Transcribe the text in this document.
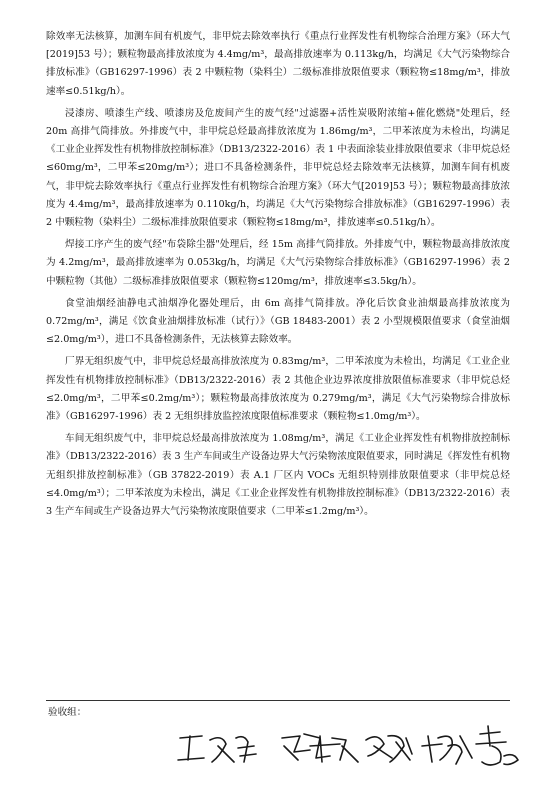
除效率无法核算，加测车间有机废气，非甲烷去除效率执行《重点行业挥发性有机物综合治理方案》（环大气[2019]53 号）；颗粒物最高排放浓度为 4.4mg/m³，最高排放速率为 0.113kg/h，均满足《大气污染物综合排放标准》（GB16297-1996）表 2 中颗粒物（染料尘）二级标准排放限值要求（颗粒物≤18mg/m³，排放速率≤0.51kg/h）。

浸漆房、喷漆生产线、喷漆房及危废间产生的废气经"过滤器+活性炭吸附浓缩+催化燃烧"处理后，经 20m 高排气筒排放。外排废气中，非甲烷总烃最高排放浓度为 1.86mg/m³，二甲苯浓度为未检出，均满足《工业企业挥发性有机物排放控制标准》（DB13/2322-2016）表 1 中表面涂装业排放限值要求（非甲烷总烃≤60mg/m³，二甲苯≤20mg/m³）；进口不具备检测条件，非甲烷总烃去除效率无法核算，加测车间有机废气，非甲烷去除效率执行《重点行业挥发性有机物综合治理方案》（环大气[2019]53 号）；颗粒物最高排放浓度为 4.4mg/m³，最高排放速率为 0.110kg/h，均满足《大气污染物综合排放标准》（GB16297-1996）表 2 中颗粒物（染料尘）二级标准排放限值要求（颗粒物≤18mg/m³，排放速率≤0.51kg/h）。

焊接工序产生的废气经"布袋除尘器"处理后，经 15m 高排气筒排放。外排废气中，颗粒物最高排放浓度为 4.2mg/m³，最高排放速率为 0.053kg/h，均满足《大气污染物综合排放标准》（GB16297-1996）表 2 中颗粒物（其他）二级标准排放限值要求（颗粒物≤120mg/m³，排放速率≤3.5kg/h）。

食堂油烟经油静电式油烟净化器处理后，由 6m 高排气筒排放。净化后饮食业油烟最高排放浓度为 0.72mg/m³，满足《饮食业油烟排放标准（试行）》（GB 18483-2001）表 2 小型规模限值要求（食堂油烟≤2.0mg/m³），进口不具备检测条件，无法核算去除效率。

厂界无组织废气中，非甲烷总烃最高排放浓度为 0.83mg/m³，二甲苯浓度为未检出，均满足《工业企业挥发性有机物排放控制标准》（DB13/2322-2016）表 2 其他企业边界浓度排放限值标准要求（非甲烷总烃≤2.0mg/m³，二甲苯≤0.2mg/m³）；颗粒物最高排放浓度为 0.279mg/m³，满足《大气污染物综合排放标准》（GB16297-1996）表 2 无组织排放监控浓度限值标准要求（颗粒物≤1.0mg/m³）。

车间无组织废气中，非甲烷总烃最高排放浓度为 1.08mg/m³，满足《工业企业挥发性有机物排放控制标准》（DB13/2322-2016）表 3 生产车间或生产设备边界大气污染物浓度限值要求，同时满足《挥发性有机物无组织排放控制标准》（GB 37822-2019）表 A.1 厂区内 VOCs 无组织特别排放限值要求（非甲烷总烃≤4.0mg/m³）；二甲苯浓度为未检出，满足《工业企业挥发性有机物排放控制标准》（DB13/2322-2016）表 3 生产车间或生产设备边界大气污染物浓度限值要求（二甲苯≤1.2mg/m³）。

验收组：
